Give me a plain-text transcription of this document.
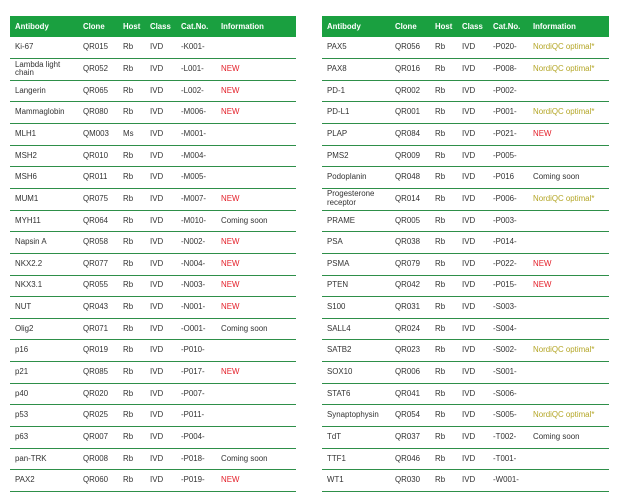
Antibody	Clone	Host	Class	Cat.No.	Information
Ki-67	QR015	Rb	IVD	-K001-	
Lambda light chain	QR052	Rb	IVD	-L001-	NEW
Langerin	QR065	Rb	IVD	-L002-	NEW
Mammaglobin	QR080	Rb	IVD	-M006-	NEW
MLH1	QM003	Ms	IVD	-M001-	
MSH2	QR010	Rb	IVD	-M004-	
MSH6	QR011	Rb	IVD	-M005-	
MUM1	QR075	Rb	IVD	-M007-	NEW
MYH11	QR064	Rb	IVD	-M010-	Coming soon
Napsin A	QR058	Rb	IVD	-N002-	NEW
NKX2.2	QR077	Rb	IVD	-N004-	NEW
NKX3.1	QR055	Rb	IVD	-N003-	NEW
NUT	QR043	Rb	IVD	-N001-	NEW
Olig2	QR071	Rb	IVD	-O001-	Coming soon
p16	QR019	Rb	IVD	-P010-	
p21	QR085	Rb	IVD	-P017-	NEW
p40	QR020	Rb	IVD	-P007-	
p53	QR025	Rb	IVD	-P011-	
p63	QR007	Rb	IVD	-P004-	
pan-TRK	QR008	Rb	IVD	-P018-	Coming soon
PAX2	QR060	Rb	IVD	-P019-	NEW
Antibody	Clone	Host	Class	Cat.No.	Information
PAX5	QR056	Rb	IVD	-P020-	NordiQC optimal*
PAX8	QR016	Rb	IVD	-P008-	NordiQC optimal*
PD-1	QR002	Rb	IVD	-P002-	
PD-L1	QR001	Rb	IVD	-P001-	NordiQC optimal*
PLAP	QR084	Rb	IVD	-P021-	NEW
PMS2	QR009	Rb	IVD	-P005-	
Podoplanin	QR048	Rb	IVD	-P016	Coming soon
Progesterone receptor	QR014	Rb	IVD	-P006-	NordiQC optimal*
PRAME	QR005	Rb	IVD	-P003-	
PSA	QR038	Rb	IVD	-P014-	
PSMA	QR079	Rb	IVD	-P022-	NEW
PTEN	QR042	Rb	IVD	-P015-	NEW
S100	QR031	Rb	IVD	-S003-	
SALL4	QR024	Rb	IVD	-S004-	
SATB2	QR023	Rb	IVD	-S002-	NordiQC optimal*
SOX10	QR006	Rb	IVD	-S001-	
STAT6	QR041	Rb	IVD	-S006-	
Synaptophysin	QR054	Rb	IVD	-S005-	NordiQC optimal*
TdT	QR037	Rb	IVD	-T002-	Coming soon
TTF1	QR046	Rb	IVD	-T001-	
WT1	QR030	Rb	IVD	-W001-	
